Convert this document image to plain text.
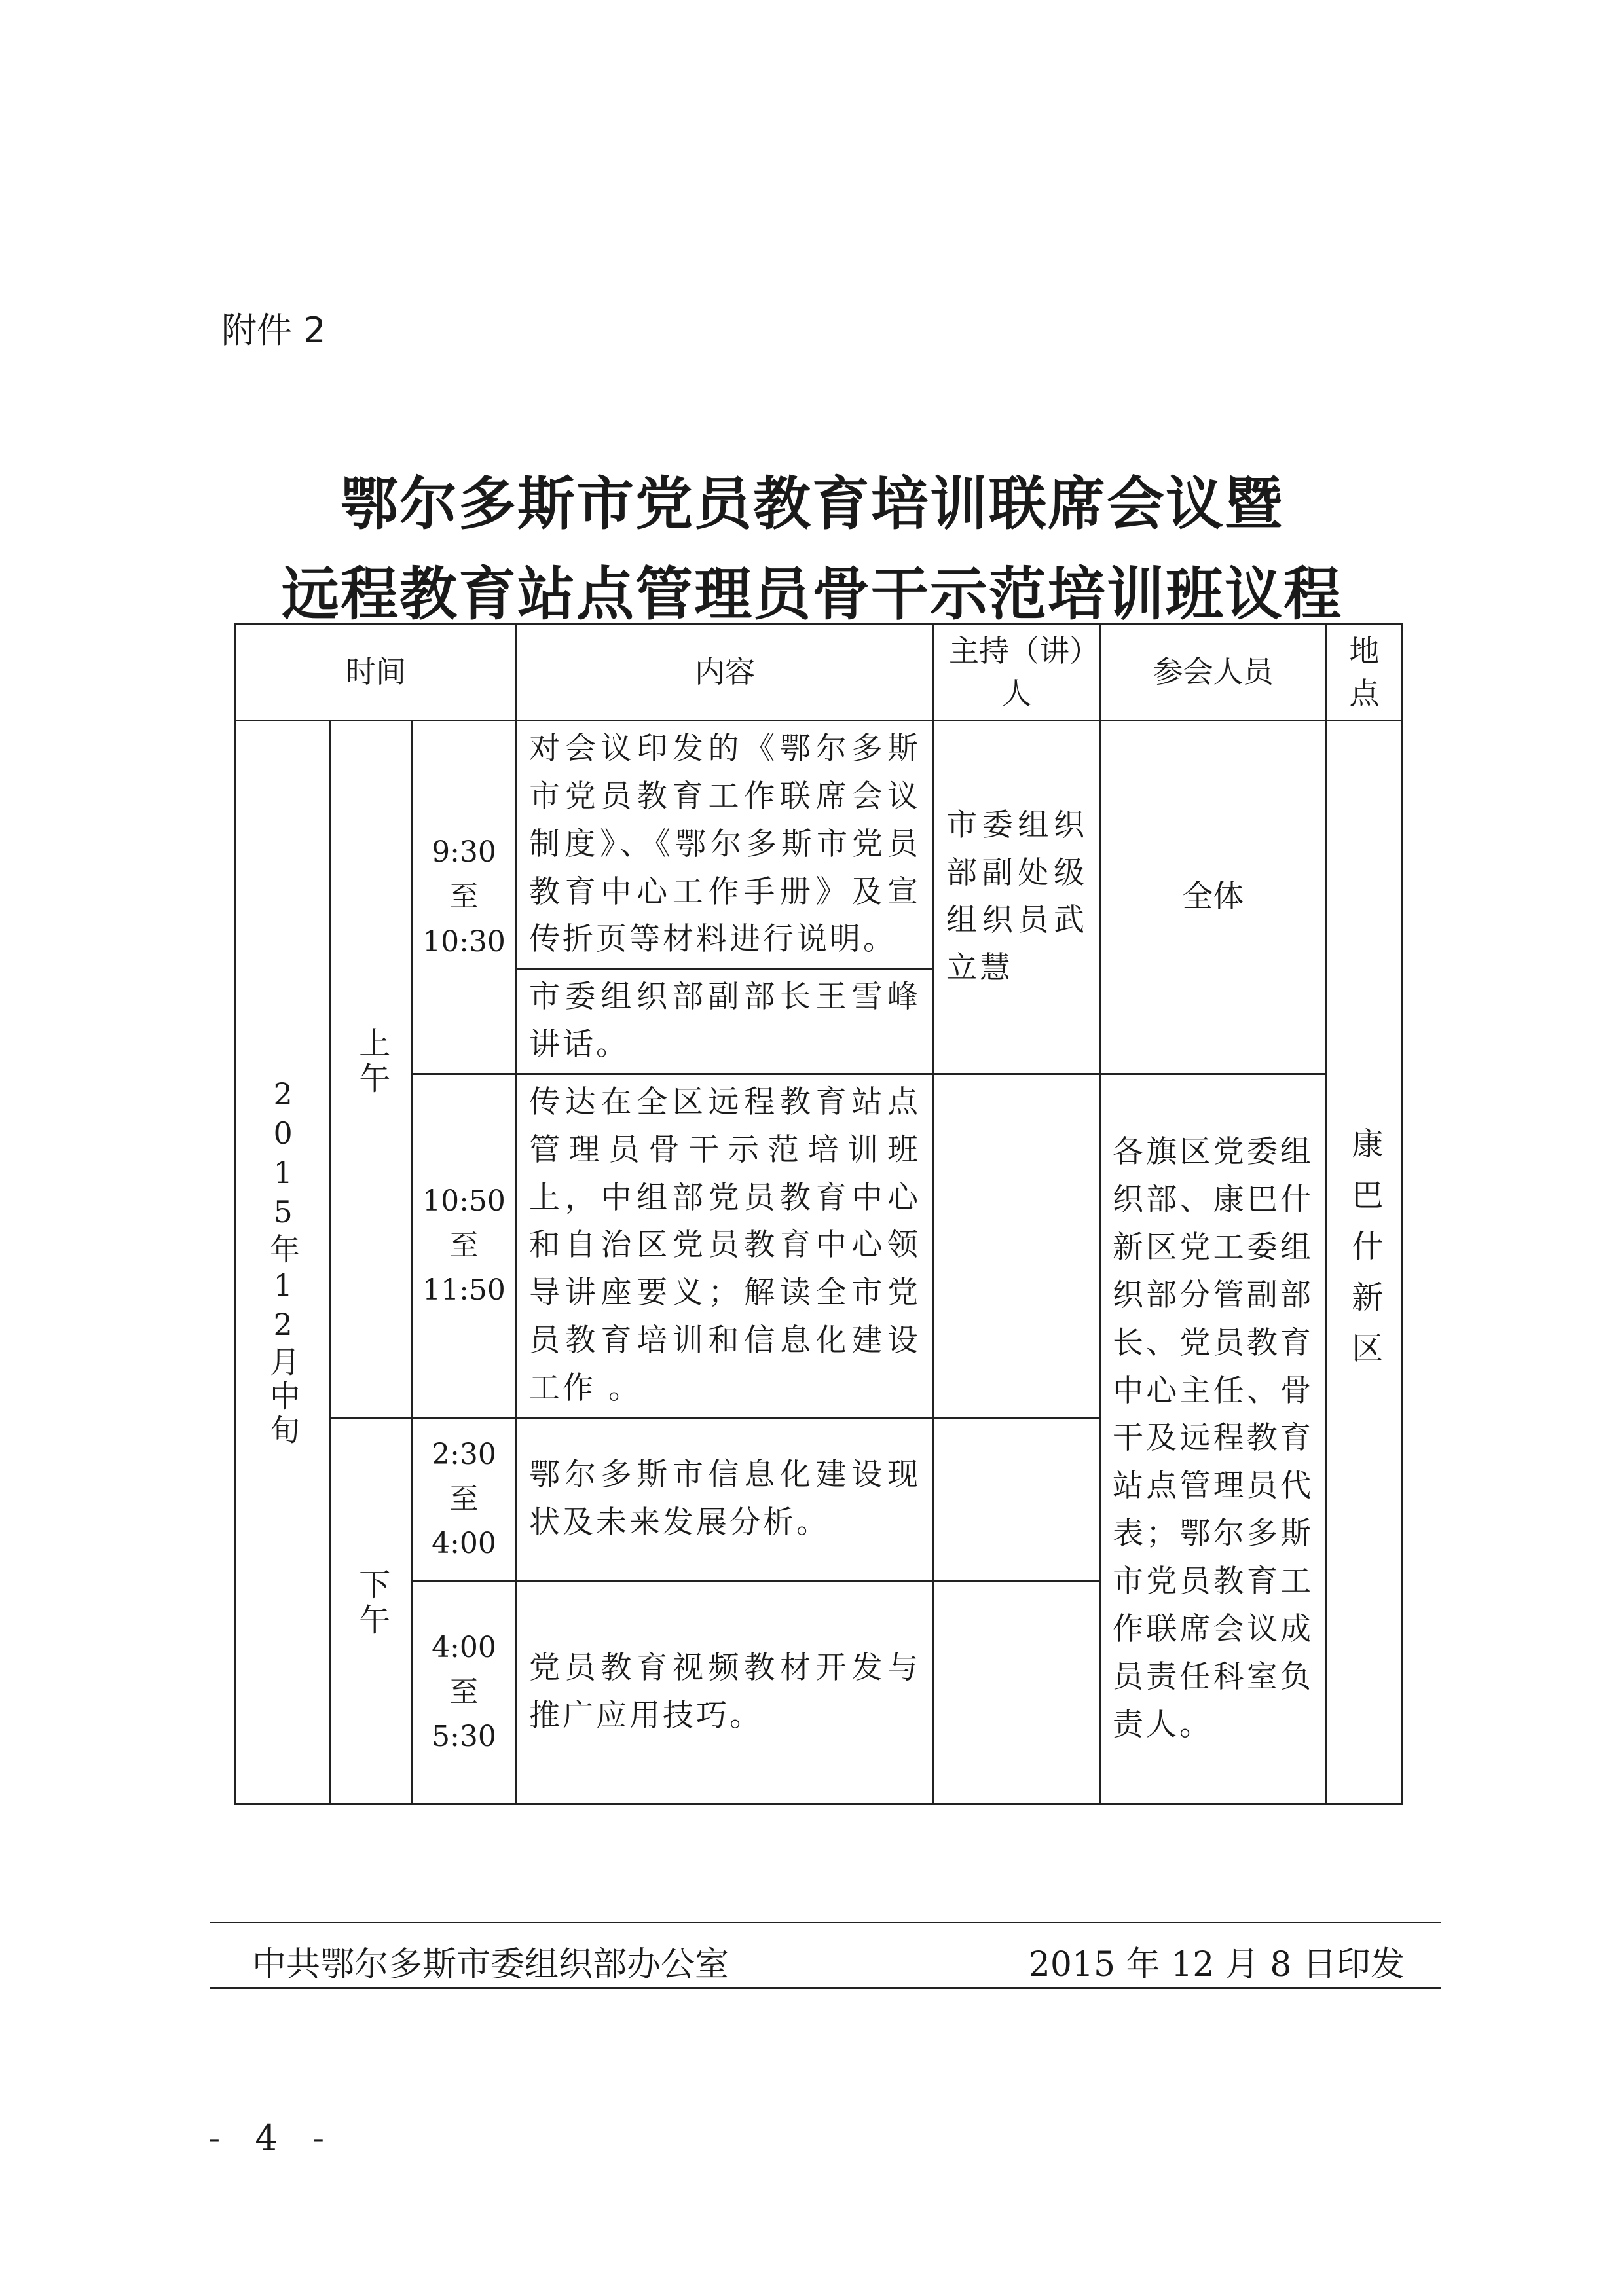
附件 2
鄂尔多斯市党员教育培训联席会议暨
远程教育站点管理员骨干示范培训班议程
时间			内容	主持（讲）人	参会人员	地点

2015年12月中旬	上午	9:30
至
10:30	对会议印发的《鄂尔多斯市党员教育工作联席会议制度》、《鄂尔多斯市党员教育中心工作手册》及宣传折页等材料进行说明。	市委组织部副处级组织员武立慧	全体	康巴什新区
			市委组织部副部长王雪峰讲话。			

		10:50
至
11:50	传达在全区远程教育站点管理员骨干示范培训班上，中组部党员教育中心和自治区党员教育中心领导讲座要义；解读全市党员教育培训和信息化建设工作 。		各旗区党委组织部、康巴什新区党工委组织部分管副部长、党员教育中心主任、骨干及远程教育站点管理员代表；鄂尔多斯市党员教育工作联席会议成员责任科室负责人。	
	下午	2:30
至
4:00	鄂尔多斯市信息化建设现状及未来发展分析。			

		4:00
至
5:30	党员教育视频教材开发与推广应用技巧。			
中共鄂尔多斯市委组织部办公室	2015 年 12 月 8 日印发
- 4 -
